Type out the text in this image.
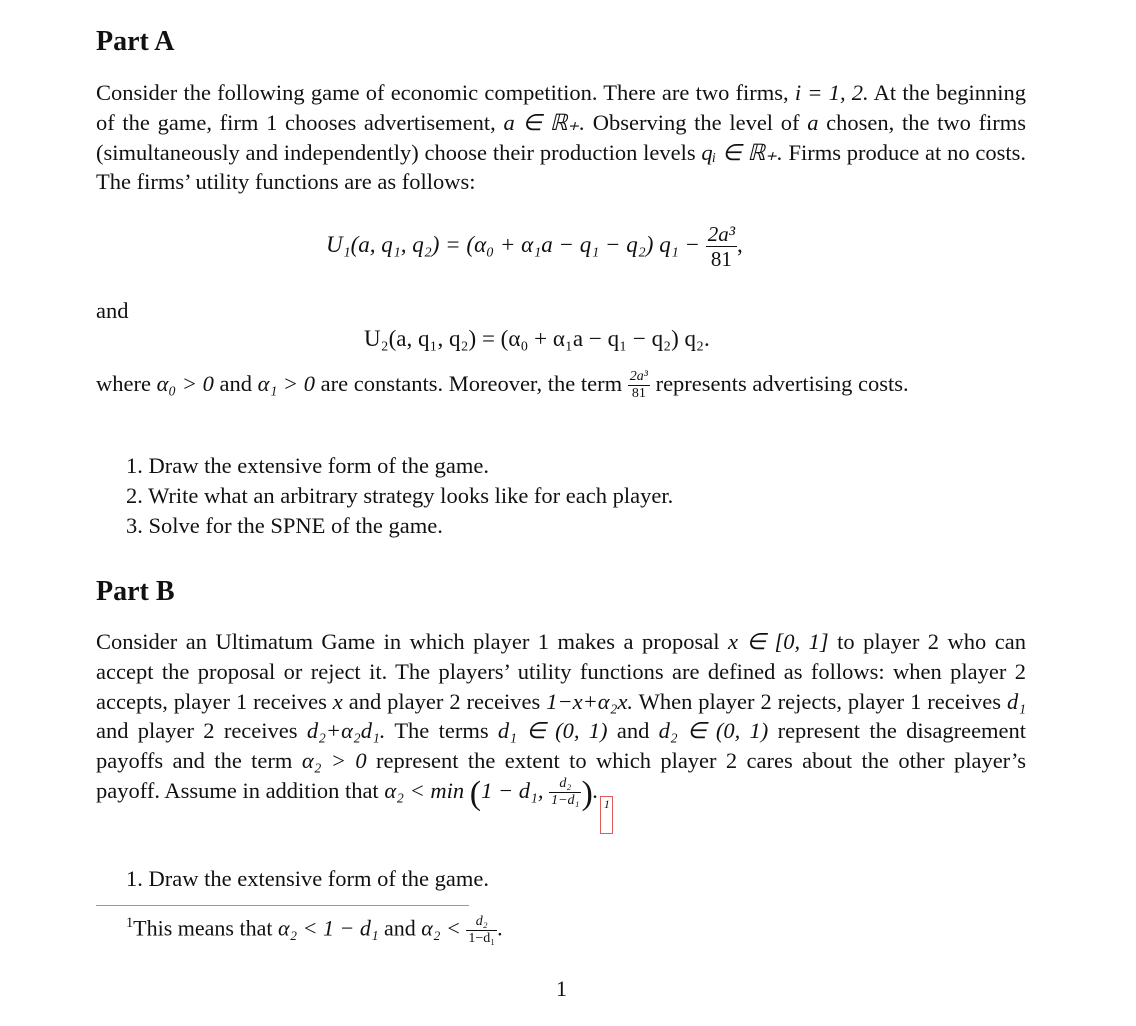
Part A

Consider the following game of economic competition. There are two firms, i = 1, 2. At the beginning of the game, firm 1 chooses advertisement, a ∈ ℝ₊. Observing the level of a chosen, the two firms (simultaneously and independently) choose their production levels qᵢ ∈ ℝ₊. Firms produce at no costs. The firms’ utility functions are as follows:

U₁(a, q₁, q₂) = (α₀ + α₁a − q₁ − q₂) $q_1 - \frac{\text{2a³}}{81}$ ,
and
U₂(a, q₁, q₂) = (α₀ + α₁a − q₁ − q₂) q₂.

where α₀ > 0 and α₁ > 0 are constants. Moreover, the term $\frac{\text{2a³}}{81}$ represents advertising costs.

1. Draw the extensive form of the game.
2. Write what an arbitrary strategy looks like for each player.
3. Solve for the SPNE of the game.
Part B

Consider an Ultimatum Game in which player 1 makes a proposal x ∈ [0, 1] to player 2 who can accept the proposal or reject it. The players’ utility functions are defined as follows: when player 2 accepts, player 1 receives x and player 2 receives 1−x+α₂x. When player 2 rejects, player 1 receives d₁ and player 2 receives d₂+α₂d₁. The terms d₁ ∈ (0, 1) and d₂ ∈ (0, 1) represent the disagreement payoffs and the term α₂ > 0 represent the extent to which player 2 cares about the other player’s payoff. Assume in addition that α₂ < min (1 − d₁, $\frac{\text{d₂}}{\text{1−d₁}} ).1$

1. Draw the extensive form of the game.
$^1$This means that α₂ < 1 − d₁ and $\alpha_2 < \frac{\text{d₂}}{\text{1−d₁}}$ .
1
